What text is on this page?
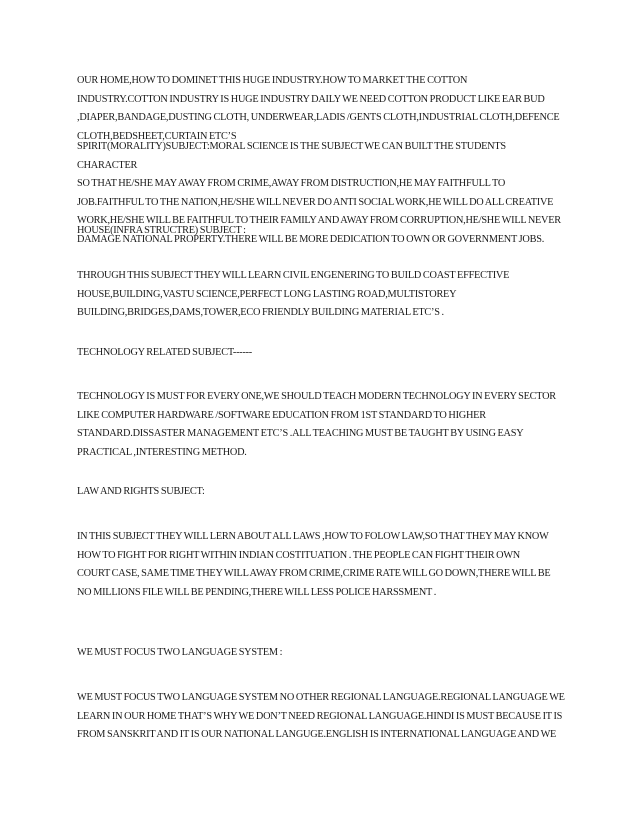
OUR HOME,HOW TO DOMINET THIS HUGE INDUSTRY.HOW TO MARKET THE COTTON
INDUSTRY.COTTON INDUSTRY IS HUGE INDUSTRY DAILY WE NEED COTTON PRODUCT LIKE EAR BUD
,DIAPER,BANDAGE,DUSTING CLOTH, UNDERWEAR,LADIS /GENTS CLOTH,INDUSTRIAL CLOTH,DEFENCE
CLOTH,BEDSHEET,CURTAIN ETC’S

SPIRIT(MORALITY)SUBJECT:MORAL SCIENCE IS THE SUBJECT WE CAN BUILT THE STUDENTS CHARACTER
SO THAT HE/SHE MAY AWAY FROM CRIME,AWAY FROM DISTRUCTION,HE MAY FAITHFULL TO
JOB.FAITHFUL TO THE NATION,HE/SHE WILL NEVER DO ANTI SOCIAL WORK,HE WILL DO ALL CREATIVE
WORK,HE/SHE WILL BE FAITHFUL TO THEIR FAMILY AND AWAY FROM CORRUPTION,HE/SHE WILL NEVER
DAMAGE NATIONAL PROPERTY.THERE WILL BE MORE DEDICATION TO OWN OR GOVERNMENT JOBS.

HOUSE(INFRA STRUCTRE) SUBJECT :

THROUGH THIS SUBJECT THEY WILL LEARN CIVIL ENGENERING TO BUILD COAST EFFECTIVE
HOUSE,BUILDING,VASTU SCIENCE,PERFECT LONG LASTING ROAD,MULTISTOREY
BUILDING,BRIDGES,DAMS,TOWER,ECO FRIENDLY BUILDING MATERIAL ETC’S .

TECHNOLOGY RELATED SUBJECT------

TECHNOLOGY IS MUST FOR EVERY ONE,WE SHOULD TEACH MODERN TECHNOLOGY IN EVERY SECTOR
LIKE COMPUTER HARDWARE /SOFTWARE EDUCATION FROM 1ST STANDARD TO HIGHER
STANDARD.DISSASTER MANAGEMENT ETC’S .ALL TEACHING MUST BE TAUGHT BY USING EASY
PRACTICAL ,INTERESTING METHOD.

LAW AND RIGHTS SUBJECT:

IN THIS SUBJECT THEY WILL LERN ABOUT ALL LAWS ,HOW TO FOLOW LAW,SO THAT THEY MAY KNOW
HOW TO FIGHT FOR RIGHT WITHIN INDIAN COSTITUATION . THE PEOPLE CAN FIGHT THEIR OWN
COURT CASE, SAME TIME THEY WILL AWAY FROM CRIME,CRIME RATE WILL GO DOWN,THERE WILL BE
NO MILLIONS FILE WILL BE PENDING,THERE WILL LESS POLICE HARSSMENT .

WE MUST FOCUS TWO LANGUAGE SYSTEM :

WE MUST FOCUS TWO LANGUAGE SYSTEM NO OTHER REGIONAL LANGUAGE.REGIONAL LANGUAGE WE
LEARN IN OUR HOME THAT’S WHY WE DON’T NEED REGIONAL LANGUAGE.HINDI IS MUST BECAUSE IT IS
FROM SANSKRIT AND IT IS OUR NATIONAL LANGUGE.ENGLISH IS INTERNATIONAL LANGUAGE AND WE
